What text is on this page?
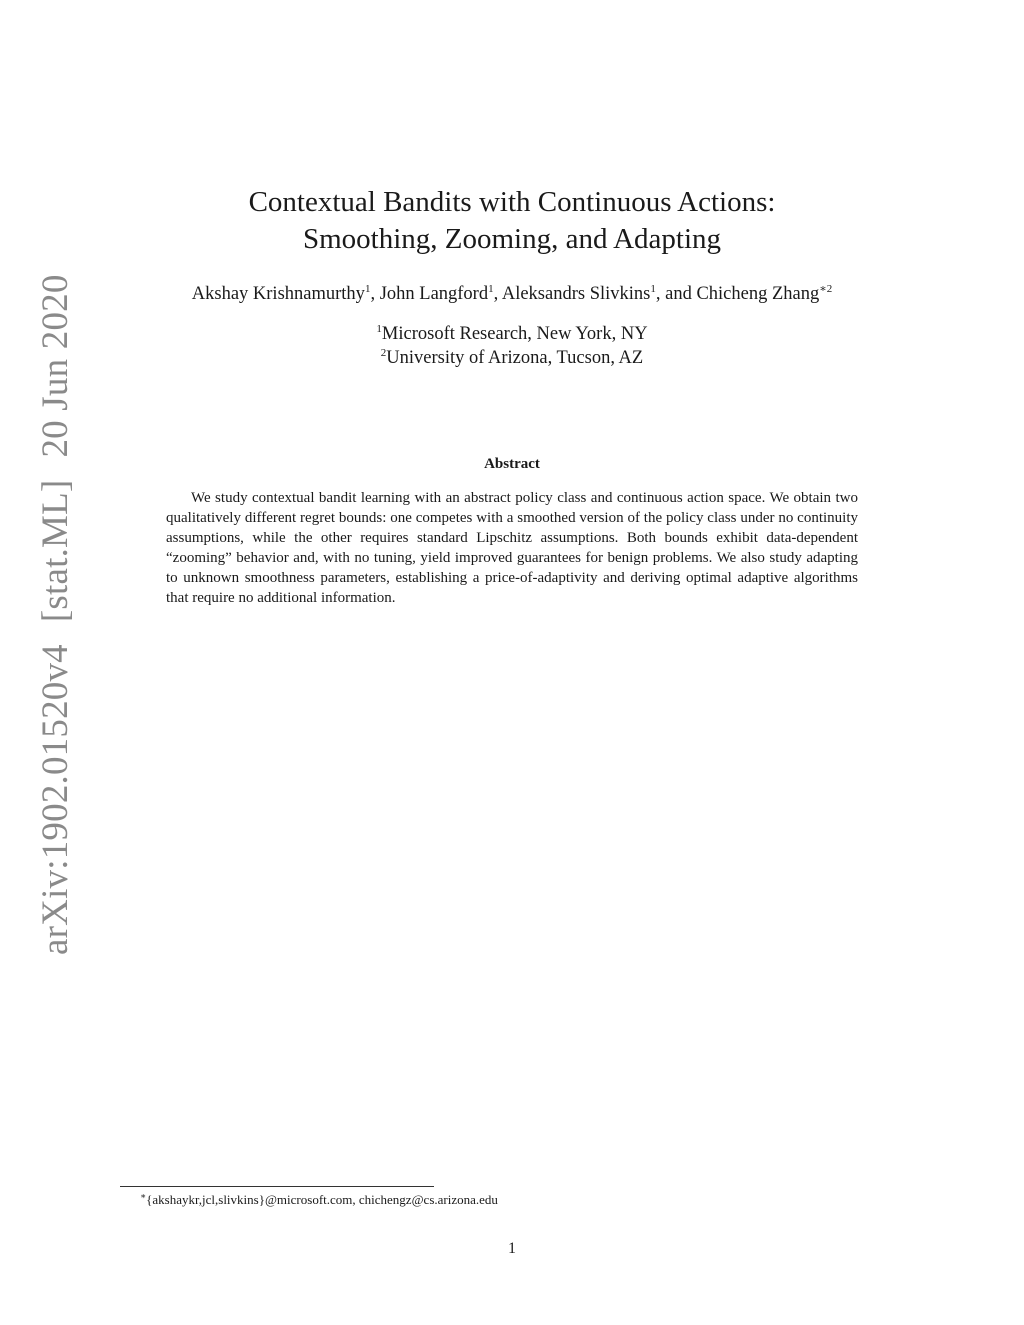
arXiv:1902.01520v4[stat.ML]20 Jun 2020
Contextual Bandits with Continuous Actions:
Smoothing, Zooming, and Adapting
Akshay Krishnamurthy$^1$, John Langford$^1$, Aleksandrs Slivkins$^1$, and Chicheng Zhang$^{∗2}$
$^1$Microsoft Research, New York, NY
$^2$University of Arizona, Tucson, AZ
Abstract
We study contextual bandit learning with an abstract policy class and continuous action space. We obtain two qualitatively different regret bounds: one competes with a smoothed version of the policy class under no continuity assumptions, while the other requires standard Lipschitz assumptions. Both bounds exhibit data-dependent “zooming” behavior and, with no tuning, yield improved guarantees for benign problems. We also study adapting to unknown smoothness parameters, establishing a price-of-adaptivity and deriving optimal adaptive algorithms that require no additional information.
∗{akshaykr,jcl,slivkins}@microsoft.com, chichengz@cs.arizona.edu
1
